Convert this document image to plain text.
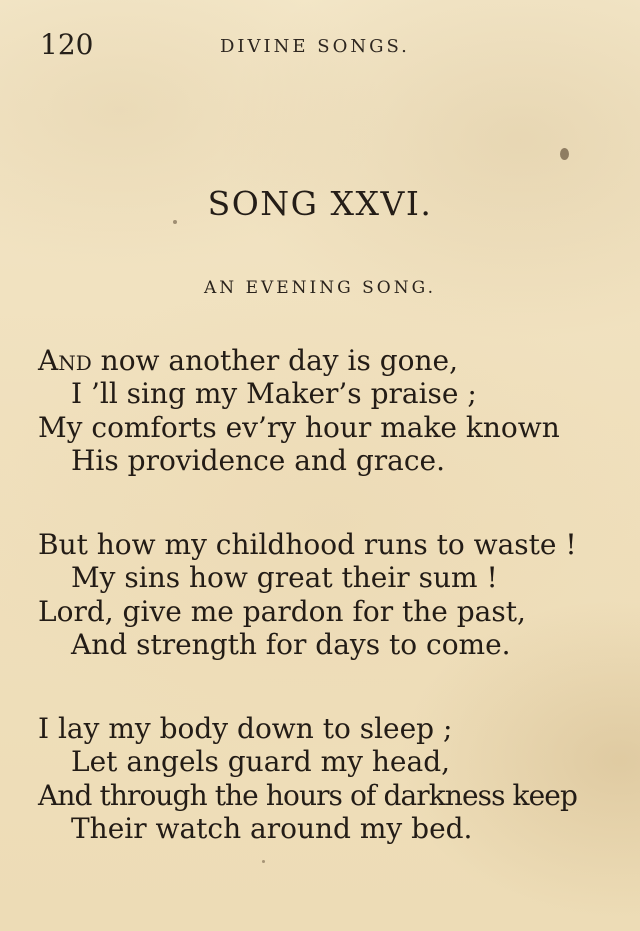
120	DIVINE SONGS.
SONG XXVI.
AN EVENING SONG.
And now another day is gone,
I ’ll sing my Maker’s praise ;
My comforts ev’ry hour make known
His providence and grace.
But how my childhood runs to waste !
My sins how great their sum !
Lord, give me pardon for the past,
And strength for days to come.
I lay my body down to sleep ;
Let angels guard my head,
And through the hours of darkness keep
Their watch around my bed.
